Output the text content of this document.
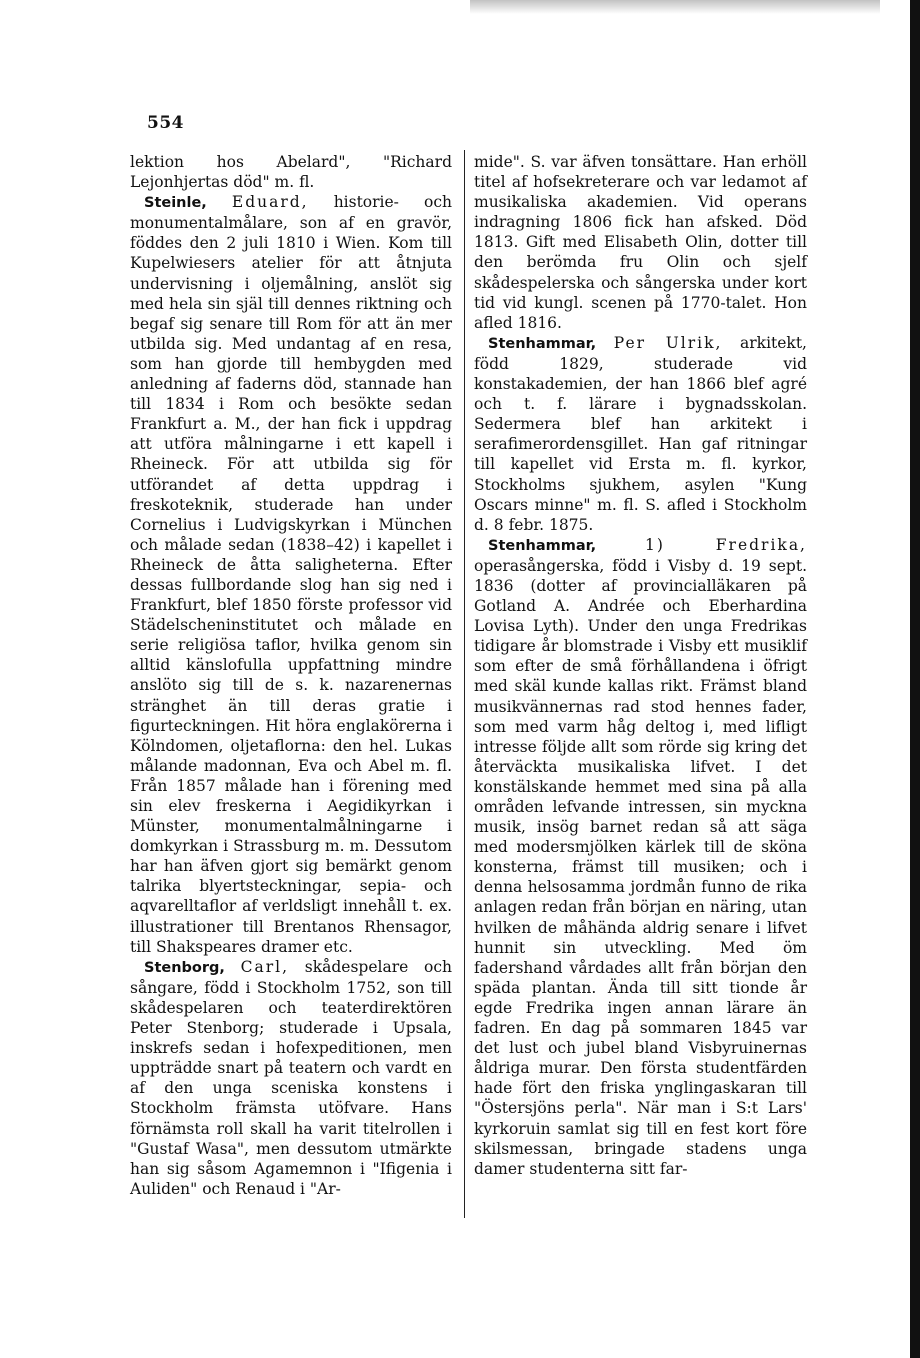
554

lektion hos Abelard", "Richard Lejonhjertas död" m. fl.

Steinle, Eduard, historie- och monumentalmålare, son af en gravör, föddes den 2 juli 1810 i Wien. Kom till Kupelwiesers atelier för att åtnjuta undervisning i oljemålning, anslöt sig med hela sin själ till dennes riktning och begaf sig senare till Rom för att än mer utbilda sig. Med undantag af en resa, som han gjorde till hembygden med anledning af faderns död, stannade han till 1834 i Rom och besökte sedan Frankfurt a. M., der han fick i uppdrag att utföra målningarne i ett kapell i Rheineck. För att utbilda sig för utförandet af detta uppdrag i freskoteknik, studerade han under Cornelius i Ludvigskyrkan i München och målade sedan (1838–42) i kapellet i Rheineck de åtta saligheterna. Efter dessas fullbordande slog han sig ned i Frankfurt, blef 1850 förste professor vid Städelscheninstitutet och målade en serie religiösa taflor, hvilka genom sin alltid känslofulla uppfattning mindre anslöto sig till de s. k. nazarenernas stränghet än till deras gratie i figurteckningen. Hit höra englakörerna i Kölndomen, oljetaflorna: den hel. Lukas målande madonnan, Eva och Abel m. fl. Från 1857 målade han i förening med sin elev freskerna i Aegidikyrkan i Münster, monumentalmålningarne i domkyrkan i Strassburg m. m. Dessutom har han äfven gjort sig bemärkt genom talrika blyertsteckningar, sepia- och aqvarelltaflor af verldsligt innehåll t. ex. illustrationer till Brentanos Rhensagor, till Shakspeares dramer etc.

Stenborg, Carl, skådespelare och sångare, född i Stockholm 1752, son till skådespelaren och teaterdirektören Peter Stenborg; studerade i Upsala, inskrefs sedan i hofexpeditionen, men uppträdde snart på teatern och vardt en af den unga sceniska konstens i Stockholm främsta utöfvare. Hans förnämsta roll skall ha varit titelrollen i "Gustaf Wasa", men dessutom utmärkte han sig såsom Agamemnon i "Ifigenia i Auliden" och Renaud i "Ar-

mide". S. var äfven tonsättare. Han erhöll titel af hofsekreterare och var ledamot af musikaliska akademien. Vid operans indragning 1806 fick han afsked. Död 1813. Gift med Elisabeth Olin, dotter till den berömda fru Olin och sjelf skådespelerska och sångerska under kort tid vid kungl. scenen på 1770-talet. Hon afled 1816.

Stenhammar, Per Ulrik, arkitekt, född 1829, studerade vid konstakademien, der han 1866 blef agré och t. f. lärare i bygnadsskolan. Sedermera blef han arkitekt i serafimerordensgillet. Han gaf ritningar till kapellet vid Ersta m. fl. kyrkor, Stockholms sjukhem, asylen "Kung Oscars minne" m. fl. S. afled i Stockholm d. 8 febr. 1875.

Stenhammar,	1) Fredrika, operasångerska, född i Visby d. 19 sept. 1836 (dotter af provincialläkaren på Gotland A. Andrée och Eberhardina Lovisa Lyth). Under den unga Fredrikas tidigare år blomstrade i Visby ett musiklif som efter de små förhållandena i öfrigt med skäl kunde kallas rikt. Främst bland musikvännernas rad stod hennes fader, som med varm håg deltog i, med lifligt intresse följde allt som rörde sig kring det återväckta musikaliska lifvet. I det konstälskande hemmet med sina på alla områden lefvande intressen, sin myckna musik, insög barnet redan så att säga med modersmjölken kärlek till de sköna konsterna, främst till musiken; och i denna helsosamma jordmån funno de rika anlagen redan från början en näring, utan hvilken de måhända aldrig senare i lifvet hunnit sin utveckling. Med öm fadershand vårdades allt från början den späda plantan. Ända till sitt tionde år egde Fredrika ingen annan lärare än fadren. En dag på sommaren 1845 var det lust och jubel bland Visbyruinernas åldriga murar. Den första studentfärden hade fört den friska ynglingaskaran till "Östersjöns perla". När man i S:t Lars' kyrkoruin samlat sig till en fest kort före skilsmessan, bringade stadens unga damer studenterna sitt far-
